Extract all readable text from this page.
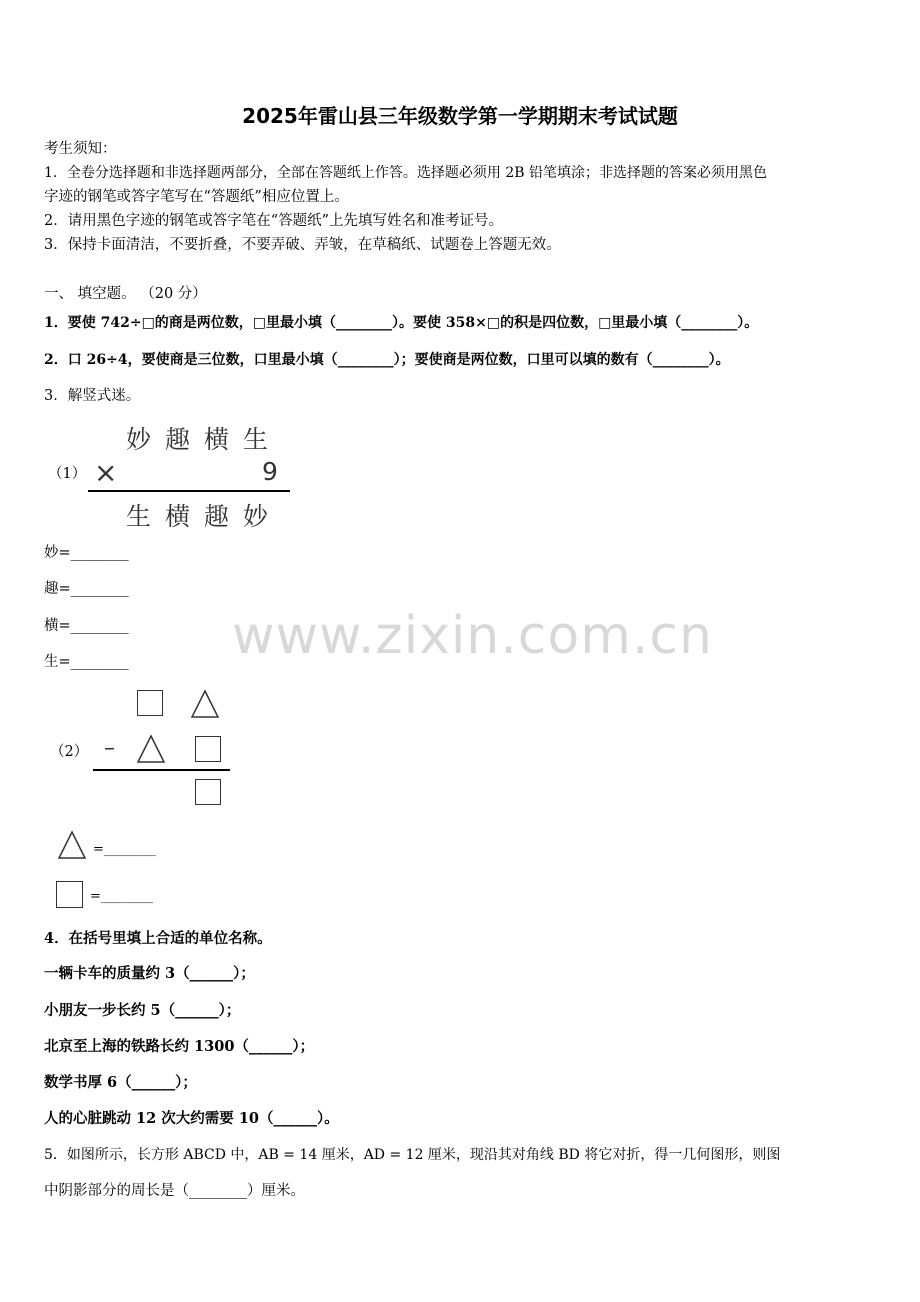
2025年雷山县三年级数学第一学期期末考试试题
考生须知：
1．全卷分选择题和非选择题两部分，全部在答题纸上作答。选择题必须用 2B 铅笔填涂；非选择题的答案必须用黑色
字迹的钢笔或答字笔写在“答题纸”相应位置上。
2．请用黑色字迹的钢笔或答字笔在“答题纸”上先填写姓名和准考证号。
3．保持卡面清洁，不要折叠，不要弄破、弄皱，在草稿纸、试题卷上答题无效。
一、 填空题。 （20 分）
1．要使 742÷□的商是两位数，□里最小填（________）。要使 358×□的积是四位数，□里最小填（________）。
2．口 26÷4，要使商是三位数，口里最小填（________）；要使商是两位数，口里可以填的数有（________）。
3．解竖式迷。
妙 趣 横 生
（1） ×	9
生 横 趣 妙
妙=________
趣=________
横=________
生=________ www.zixin.com.cn
（2） –
=________
=________
4．在括号里填上合适的单位名称。
一辆卡车的质量约 3（______）；
小朋友一步长约 5（______）；
北京至上海的铁路长约 1300（______）；
数学书厚 6（______）；
人的心脏跳动 12 次大约需要 10（______）。
5．如图所示，长方形 ABCD 中，AB = 14 厘米，AD = 12 厘米，现沿其对角线 BD 将它对折，得一几何图形，则图
中阴影部分的周长是（________）厘米。
